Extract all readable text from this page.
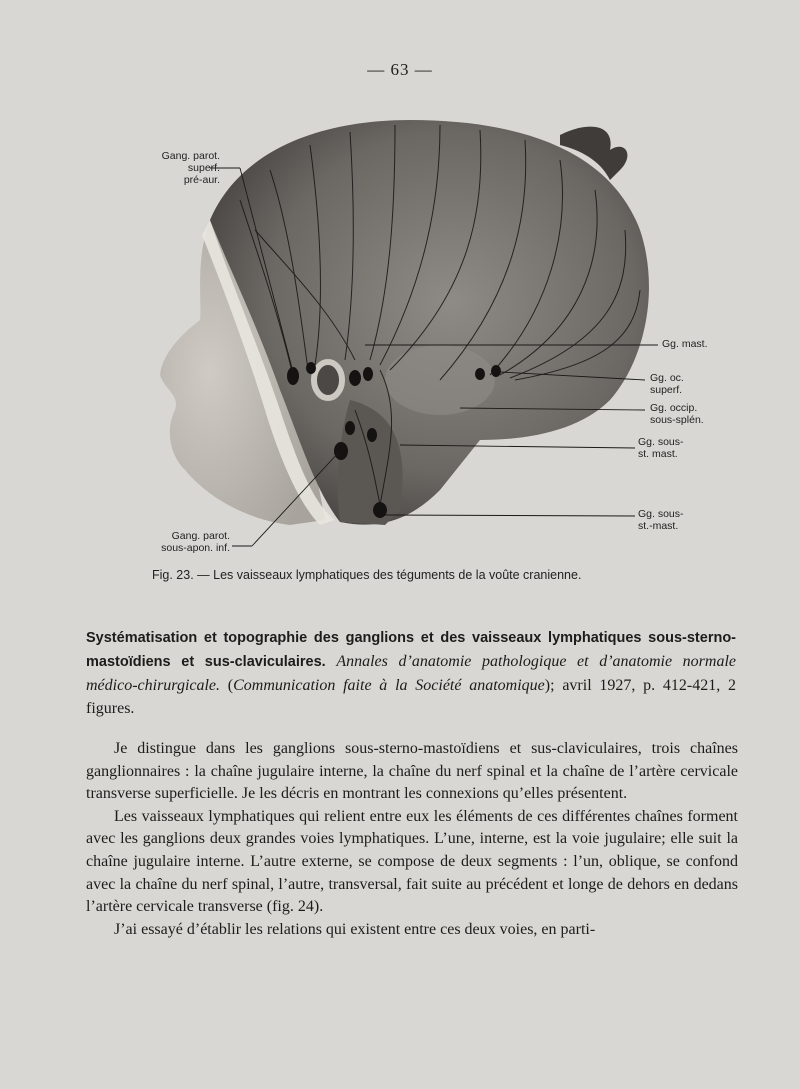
— 63 —
Gang. parot.
superf.
pré-aur.
Gg. mast.
Gg. oc.
superf.
Gg. occip.
sous-splén.
Gg. sous-
st. mast.
Gg. sous-
st.-mast.
Gang. parot.
sous-apon. inf.
Fig. 23. — Les vaisseaux lymphatiques des téguments de la voûte cranienne.
Systématisation et topographie des ganglions et des vaisseaux lymphatiques sous-sterno-mastoïdiens et sus-claviculaires. Annales d’anatomie pathologique et d’anatomie normale médico-chirurgicale. (Communication faite à la Société anatomique); avril 1927, p. 412-421, 2 figures.

Je distingue dans les ganglions sous-sterno-mastoïdiens et sus-claviculaires, trois chaînes ganglionnaires : la chaîne jugulaire interne, la chaîne du nerf spinal et la chaîne de l’artère cervicale transverse superficielle. Je les décris en montrant les connexions qu’elles présentent.

Les vaisseaux lymphatiques qui relient entre eux les éléments de ces différentes chaînes forment avec les ganglions deux grandes voies lymphatiques. L’une, interne, est la voie jugulaire; elle suit la chaîne jugulaire interne. L’autre externe, se compose de deux segments : l’un, oblique, se confond avec la chaîne du nerf spinal, l’autre, transversal, fait suite au précédent et longe de dehors en dedans l’artère cervicale transverse (fig. 24).

J’ai essayé d’établir les relations qui existent entre ces deux voies, en parti-
